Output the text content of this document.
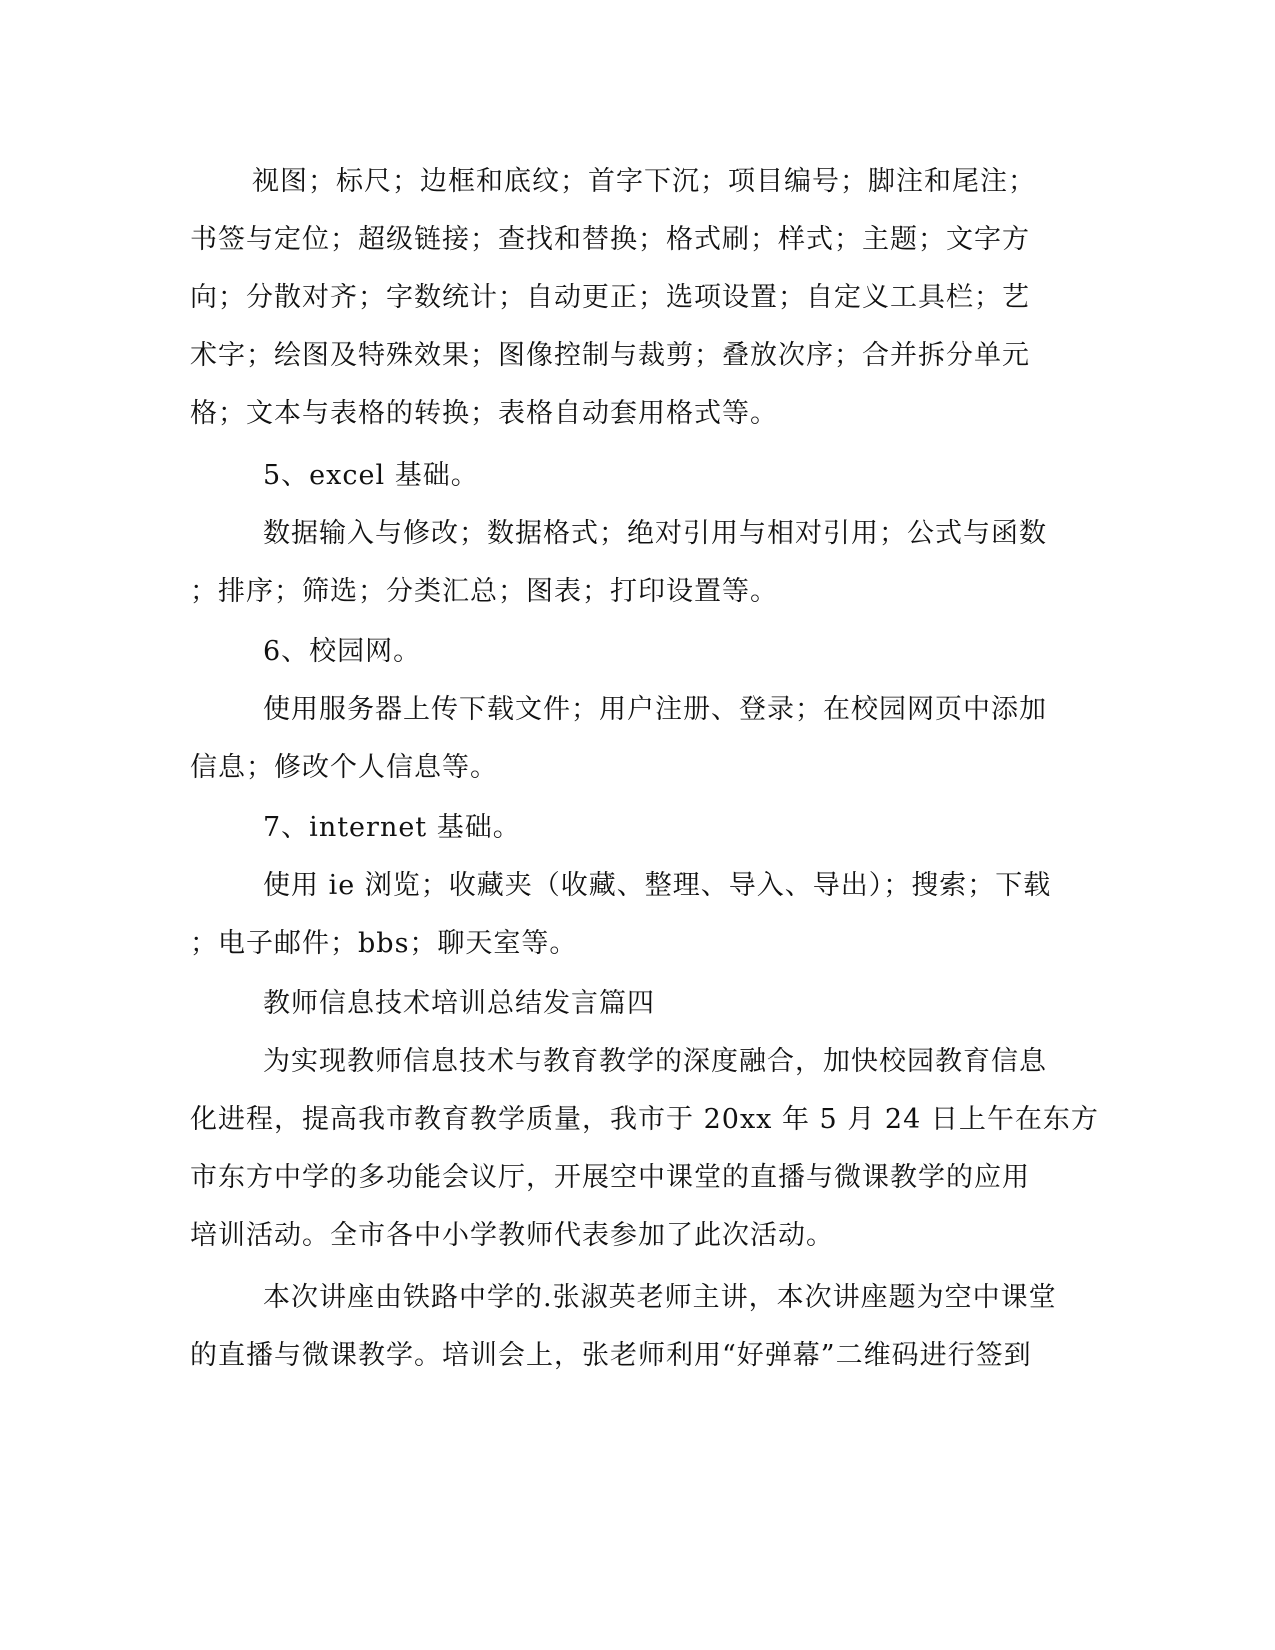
视图；标尺；边框和底纹；首字下沉；项目编号；脚注和尾注；
书签与定位；超级链接；查找和替换；格式刷；样式；主题；文字方
向；分散对齐；字数统计；自动更正；选项设置；自定义工具栏；艺
术字；绘图及特殊效果；图像控制与裁剪；叠放次序；合并拆分单元
格；文本与表格的转换；表格自动套用格式等。
5、excel 基础。
数据输入与修改；数据格式；绝对引用与相对引用；公式与函数
；排序；筛选；分类汇总；图表；打印设置等。
6、校园网。
使用服务器上传下载文件；用户注册、登录；在校园网页中添加
信息；修改个人信息等。
7、internet 基础。
使用 ie 浏览；收藏夹（收藏、整理、导入、导出）；搜索；下载
；电子邮件；bbs；聊天室等。
教师信息技术培训总结发言篇四
为实现教师信息技术与教育教学的深度融合，加快校园教育信息
化进程，提高我市教育教学质量，我市于 20xx 年 5 月 24 日上午在东方
市东方中学的多功能会议厅，开展空中课堂的直播与微课教学的应用
培训活动。全市各中小学教师代表参加了此次活动。
本次讲座由铁路中学的.张淑英老师主讲，本次讲座题为空中课堂
的直播与微课教学。培训会上，张老师利用“好弹幕”二维码进行签到
